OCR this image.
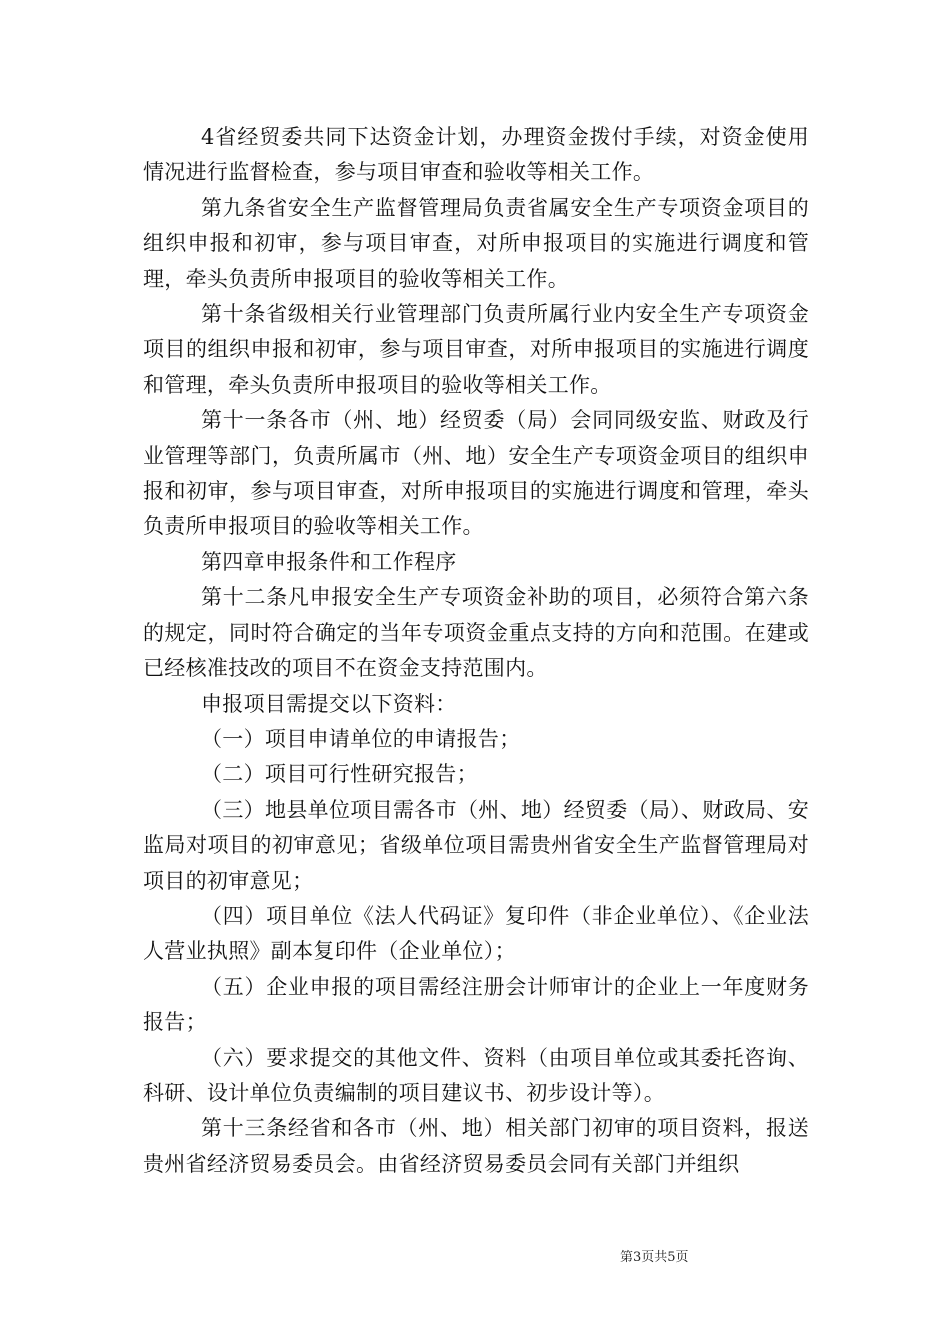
4省经贸委共同下达资金计划，办理资金拨付手续，对资金使用情况进行监督检查，参与项目审查和验收等相关工作。

第九条省安全生产监督管理局负责省属安全生产专项资金项目的组织申报和初审，参与项目审查，对所申报项目的实施进行调度和管理，牵头负责所申报项目的验收等相关工作。

第十条省级相关行业管理部门负责所属行业内安全生产专项资金项目的组织申报和初审，参与项目审查，对所申报项目的实施进行调度和管理，牵头负责所申报项目的验收等相关工作。

第十一条各市（州、地）经贸委（局）会同同级安监、财政及行业管理等部门，负责所属市（州、地）安全生产专项资金项目的组织申报和初审，参与项目审查，对所申报项目的实施进行调度和管理，牵头负责所申报项目的验收等相关工作。

第四章申报条件和工作程序

第十二条凡申报安全生产专项资金补助的项目，必须符合第六条的规定，同时符合确定的当年专项资金重点支持的方向和范围。在建或已经核准技改的项目不在资金支持范围内。

申报项目需提交以下资料：

（一）项目申请单位的申请报告；

（二）项目可行性研究报告；

（三）地县单位项目需各市（州、地）经贸委（局）、财政局、安监局对项目的初审意见；省级单位项目需贵州省安全生产监督管理局对项目的初审意见；

（四）项目单位《法人代码证》复印件（非企业单位）、《企业法人营业执照》副本复印件（企业单位）；

（五）企业申报的项目需经注册会计师审计的企业上一年度财务报告；

（六）要求提交的其他文件、资料（由项目单位或其委托咨询、科研、设计单位负责编制的项目建议书、初步设计等）。

第十三条经省和各市（州、地）相关部门初审的项目资料，报送贵州省经济贸易委员会。由省经济贸易委员会同有关部门并组织

第3页共5页
